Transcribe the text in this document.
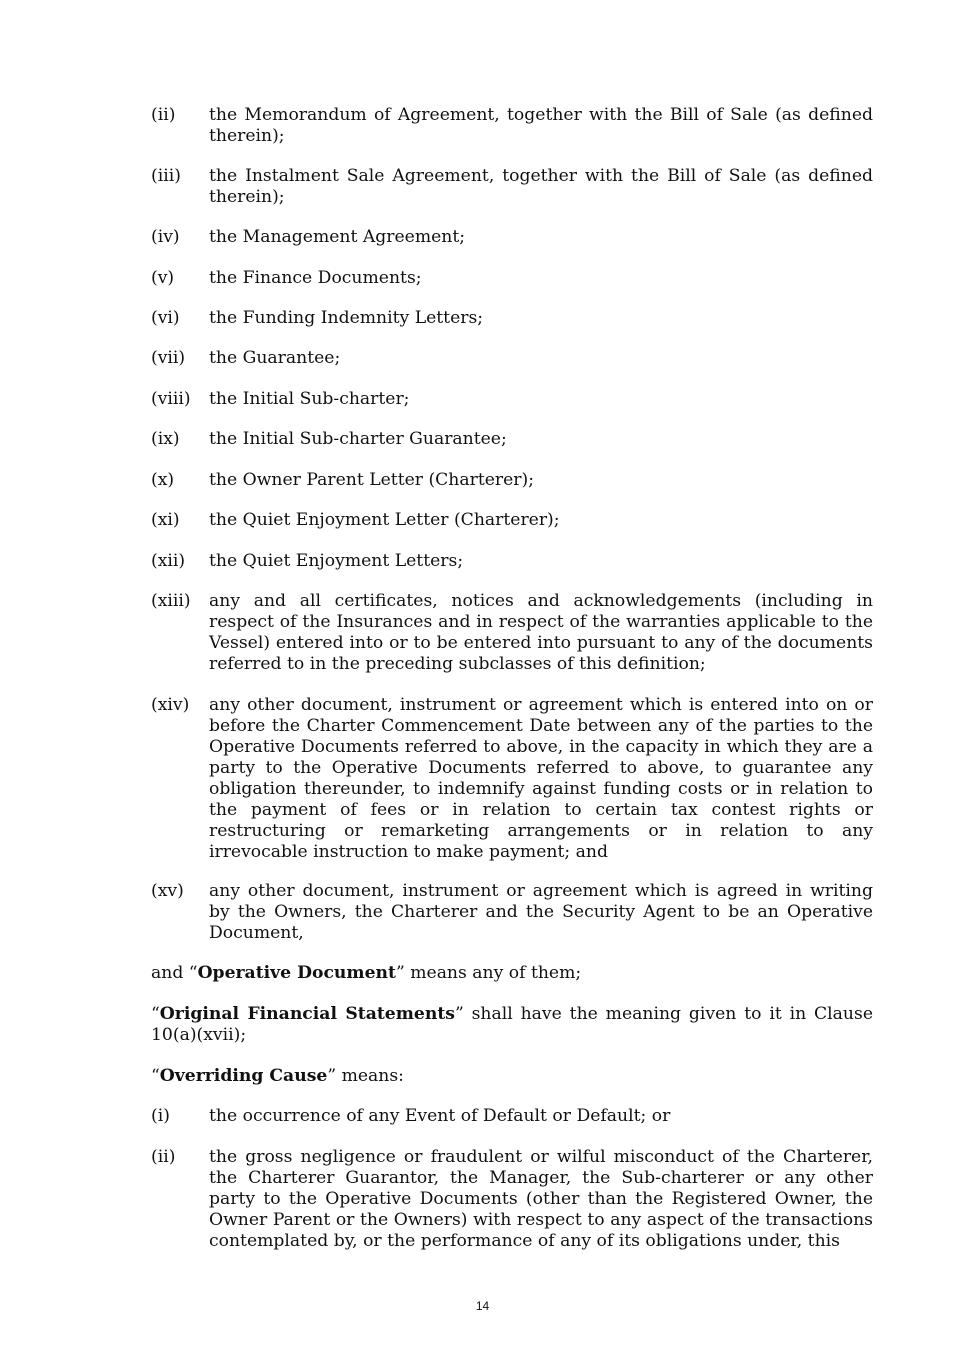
(ii)	the Memorandum of Agreement, together with the Bill of Sale (as defined therein);
(iii)	the Instalment Sale Agreement, together with the Bill of Sale (as defined therein);
(iv)	the Management Agreement;
(v)	the Finance Documents;
(vi)	the Funding Indemnity Letters;
(vii)	the Guarantee;
(viii)	the Initial Sub-charter;
(ix)	the Initial Sub-charter Guarantee;
(x)	the Owner Parent Letter (Charterer);
(xi)	the Quiet Enjoyment Letter (Charterer);
(xii)	the Quiet Enjoyment Letters;
(xiii)	any and all certificates, notices and acknowledgements (including in respect of the Insurances and in respect of the warranties applicable to the Vessel) entered into or to be entered into pursuant to any of the documents referred to in the preceding subclasses of this definition;
(xiv)	any other document, instrument or agreement which is entered into on or before the Charter Commencement Date between any of the parties to the Operative Documents referred to above, in the capacity in which they are a party to the Operative Documents referred to above, to guarantee any obligation thereunder, to indemnify against funding costs or in relation to the payment of fees or in relation to certain tax contest rights or restructuring or remarketing arrangements or in relation to any irrevocable instruction to make payment; and
(xv)	any other document, instrument or agreement which is agreed in writing by the Owners, the Charterer and the Security Agent to be an Operative Document,
and “Operative Document” means any of them;
“Original Financial Statements” shall have the meaning given to it in Clause 10(a)(xvii);
“Overriding Cause” means:
(i)	the occurrence of any Event of Default or Default; or
(ii)	the gross negligence or fraudulent or wilful misconduct of the Charterer, the Charterer Guarantor, the Manager, the Sub-charterer or any other party to the Operative Documents (other than the Registered Owner, the Owner Parent or the Owners) with respect to any aspect of the transactions contemplated by, or the performance of any of its obligations under, this
14
